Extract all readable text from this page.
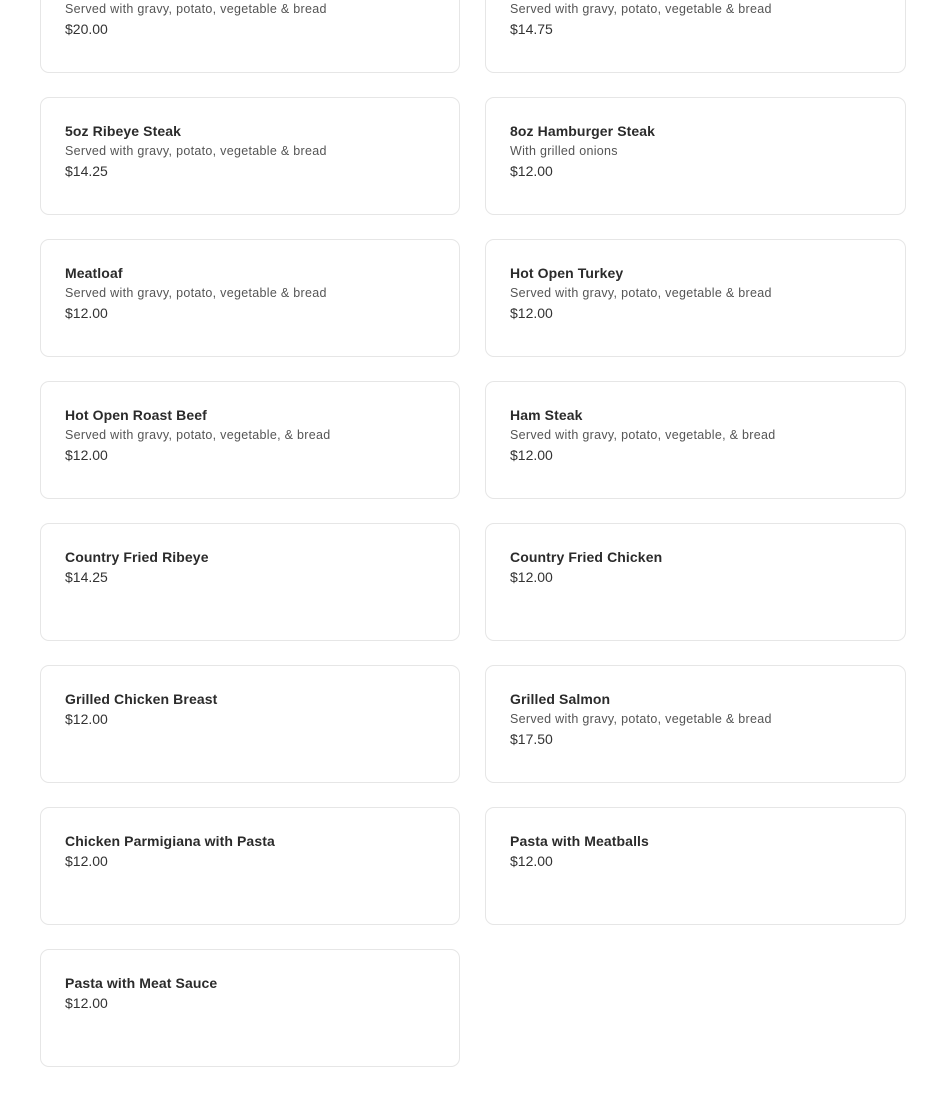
Served with gravy, potato, vegetable & bread
$20.00
Served with gravy, potato, vegetable & bread
$14.75
5oz Ribeye Steak
Served with gravy, potato, vegetable & bread
$14.25
8oz Hamburger Steak
With grilled onions
$12.00
Meatloaf
Served with gravy, potato, vegetable & bread
$12.00
Hot Open Turkey
Served with gravy, potato, vegetable & bread
$12.00
Hot Open Roast Beef
Served with gravy, potato, vegetable, & bread
$12.00
Ham Steak
Served with gravy, potato, vegetable, & bread
$12.00
Country Fried Ribeye
$14.25
Country Fried Chicken
$12.00
Grilled Chicken Breast
$12.00
Grilled Salmon
Served with gravy, potato, vegetable & bread
$17.50
Chicken Parmigiana with Pasta
$12.00
Pasta with Meatballs
$12.00
Pasta with Meat Sauce
$12.00
